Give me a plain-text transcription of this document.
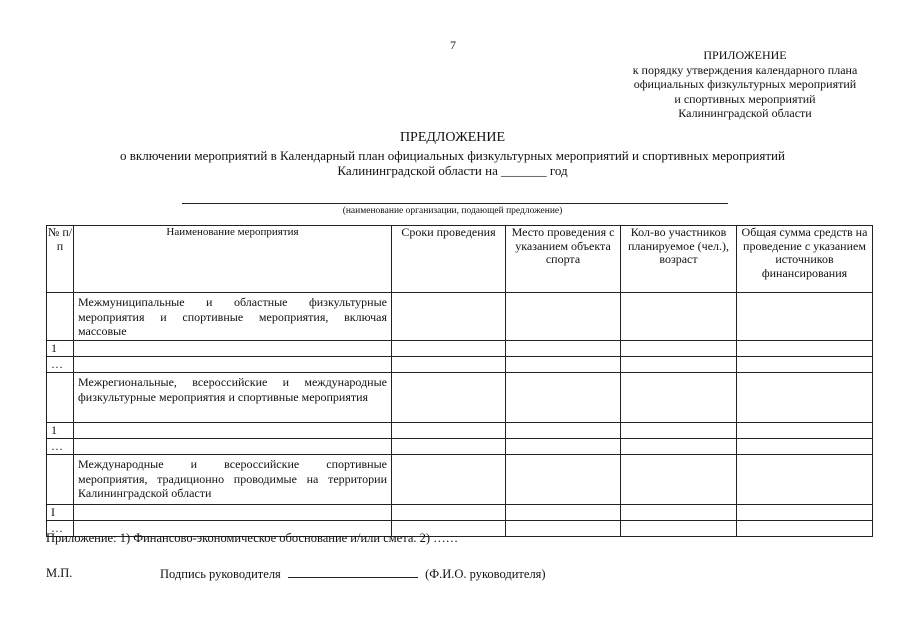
7
ПРИЛОЖЕНИЕ
к порядку утверждения календарного плана
официальных физкультурных мероприятий
и спортивных мероприятий
Калининградской области
ПРЕДЛОЖЕНИЕ
о включении мероприятий в Календарный план официальных физкультурных мероприятий и спортивных мероприятий
Калининградской области на _______ год
(наименование организации, подающей предложение)
№ п/п	Наименование мероприятия	Сроки проведения	Место проведения с указанием объекта спорта	Кол-во участников планируемое (чел.), возраст	Общая сумма средств на проведение с указанием источников финансирования
	Межмуниципальные и областные физкультурные мероприятия и спортивные мероприятия, включая массовые				
1					
…					
	Межрегиональные, всероссийские и международные физкультурные мероприятия и спортивные мероприятия				
1					
…					
	Международные и всероссийские спортивные мероприятия, традиционно проводимые на территории Калининградской области				
I					
…					
Приложение: 1) Финансово-экономическое обоснование и/или смета. 2) ……
М.П.	Подпись руководителя	(Ф.И.О. руководителя)
